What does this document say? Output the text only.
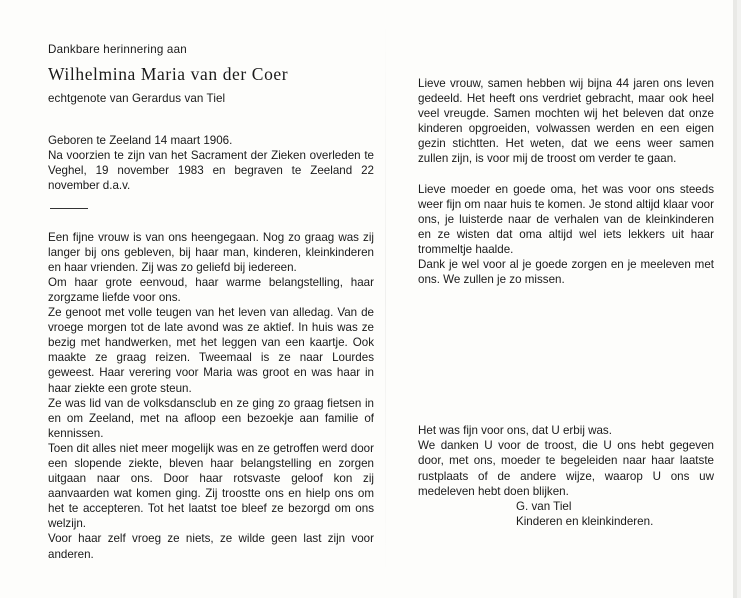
Dankbare herinnering aan

Wilhelmina Maria van der Coer

echtgenote van Gerardus van Tiel

Geboren te Zeeland 14 maart 1906.

Na voorzien te zijn van het Sacrament der Zieken overleden te Veghel, 19 november 1983 en begraven te Zeeland 22 november d.a.v.

Een fijne vrouw is van ons heengegaan. Nog zo graag was zij langer bij ons gebleven, bij haar man, kinderen, kleinkinderen en haar vrienden. Zij was zo geliefd bij iedereen.

Om haar grote eenvoud, haar warme belangstelling, haar zorgzame liefde voor ons.

Ze genoot met volle teugen van het leven van alledag. Van de vroege morgen tot de late avond was ze aktief. In huis was ze bezig met handwerken, met het leggen van een kaartje. Ook maakte ze graag reizen. Tweemaal is ze naar Lourdes geweest. Haar verering voor Maria was groot en was haar in haar ziekte een grote steun.

Ze was lid van de volksdansclub en ze ging zo graag fietsen in en om Zeeland, met na afloop een bezoekje aan familie of kennissen.

Toen dit alles niet meer mogelijk was en ze getroffen werd door een slopende ziekte, bleven haar belangstelling en zorgen uitgaan naar ons. Door haar rotsvaste geloof kon zij aanvaarden wat komen ging. Zij troostte ons en hielp ons om het te accepteren. Tot het laatst toe bleef ze bezorgd om ons welzijn.

Voor haar zelf vroeg ze niets, ze wilde geen last zijn voor anderen.

Lieve vrouw, samen hebben wij bijna 44 jaren ons leven gedeeld. Het heeft ons verdriet gebracht, maar ook heel veel vreugde. Samen mochten wij het beleven dat onze kinderen opgroeiden, volwassen werden en een eigen gezin stichtten. Het weten, dat we eens weer samen zullen zijn, is voor mij de troost om verder te gaan.

Lieve moeder en goede oma, het was voor ons steeds weer fijn om naar huis te komen. Je stond altijd klaar voor ons, je luisterde naar de verhalen van de kleinkinderen en ze wisten dat oma altijd wel iets lekkers uit haar trommeltje haalde.

Dank je wel voor al je goede zorgen en je meeleven met ons. We zullen je zo missen.

Het was fijn voor ons, dat U erbij was.

We danken U voor de troost, die U ons hebt gegeven door, met ons, moeder te begeleiden naar haar laatste rustplaats of de andere wijze, waarop U ons uw medeleven hebt doen blijken.

G. van Tiel

Kinderen en kleinkinderen.
